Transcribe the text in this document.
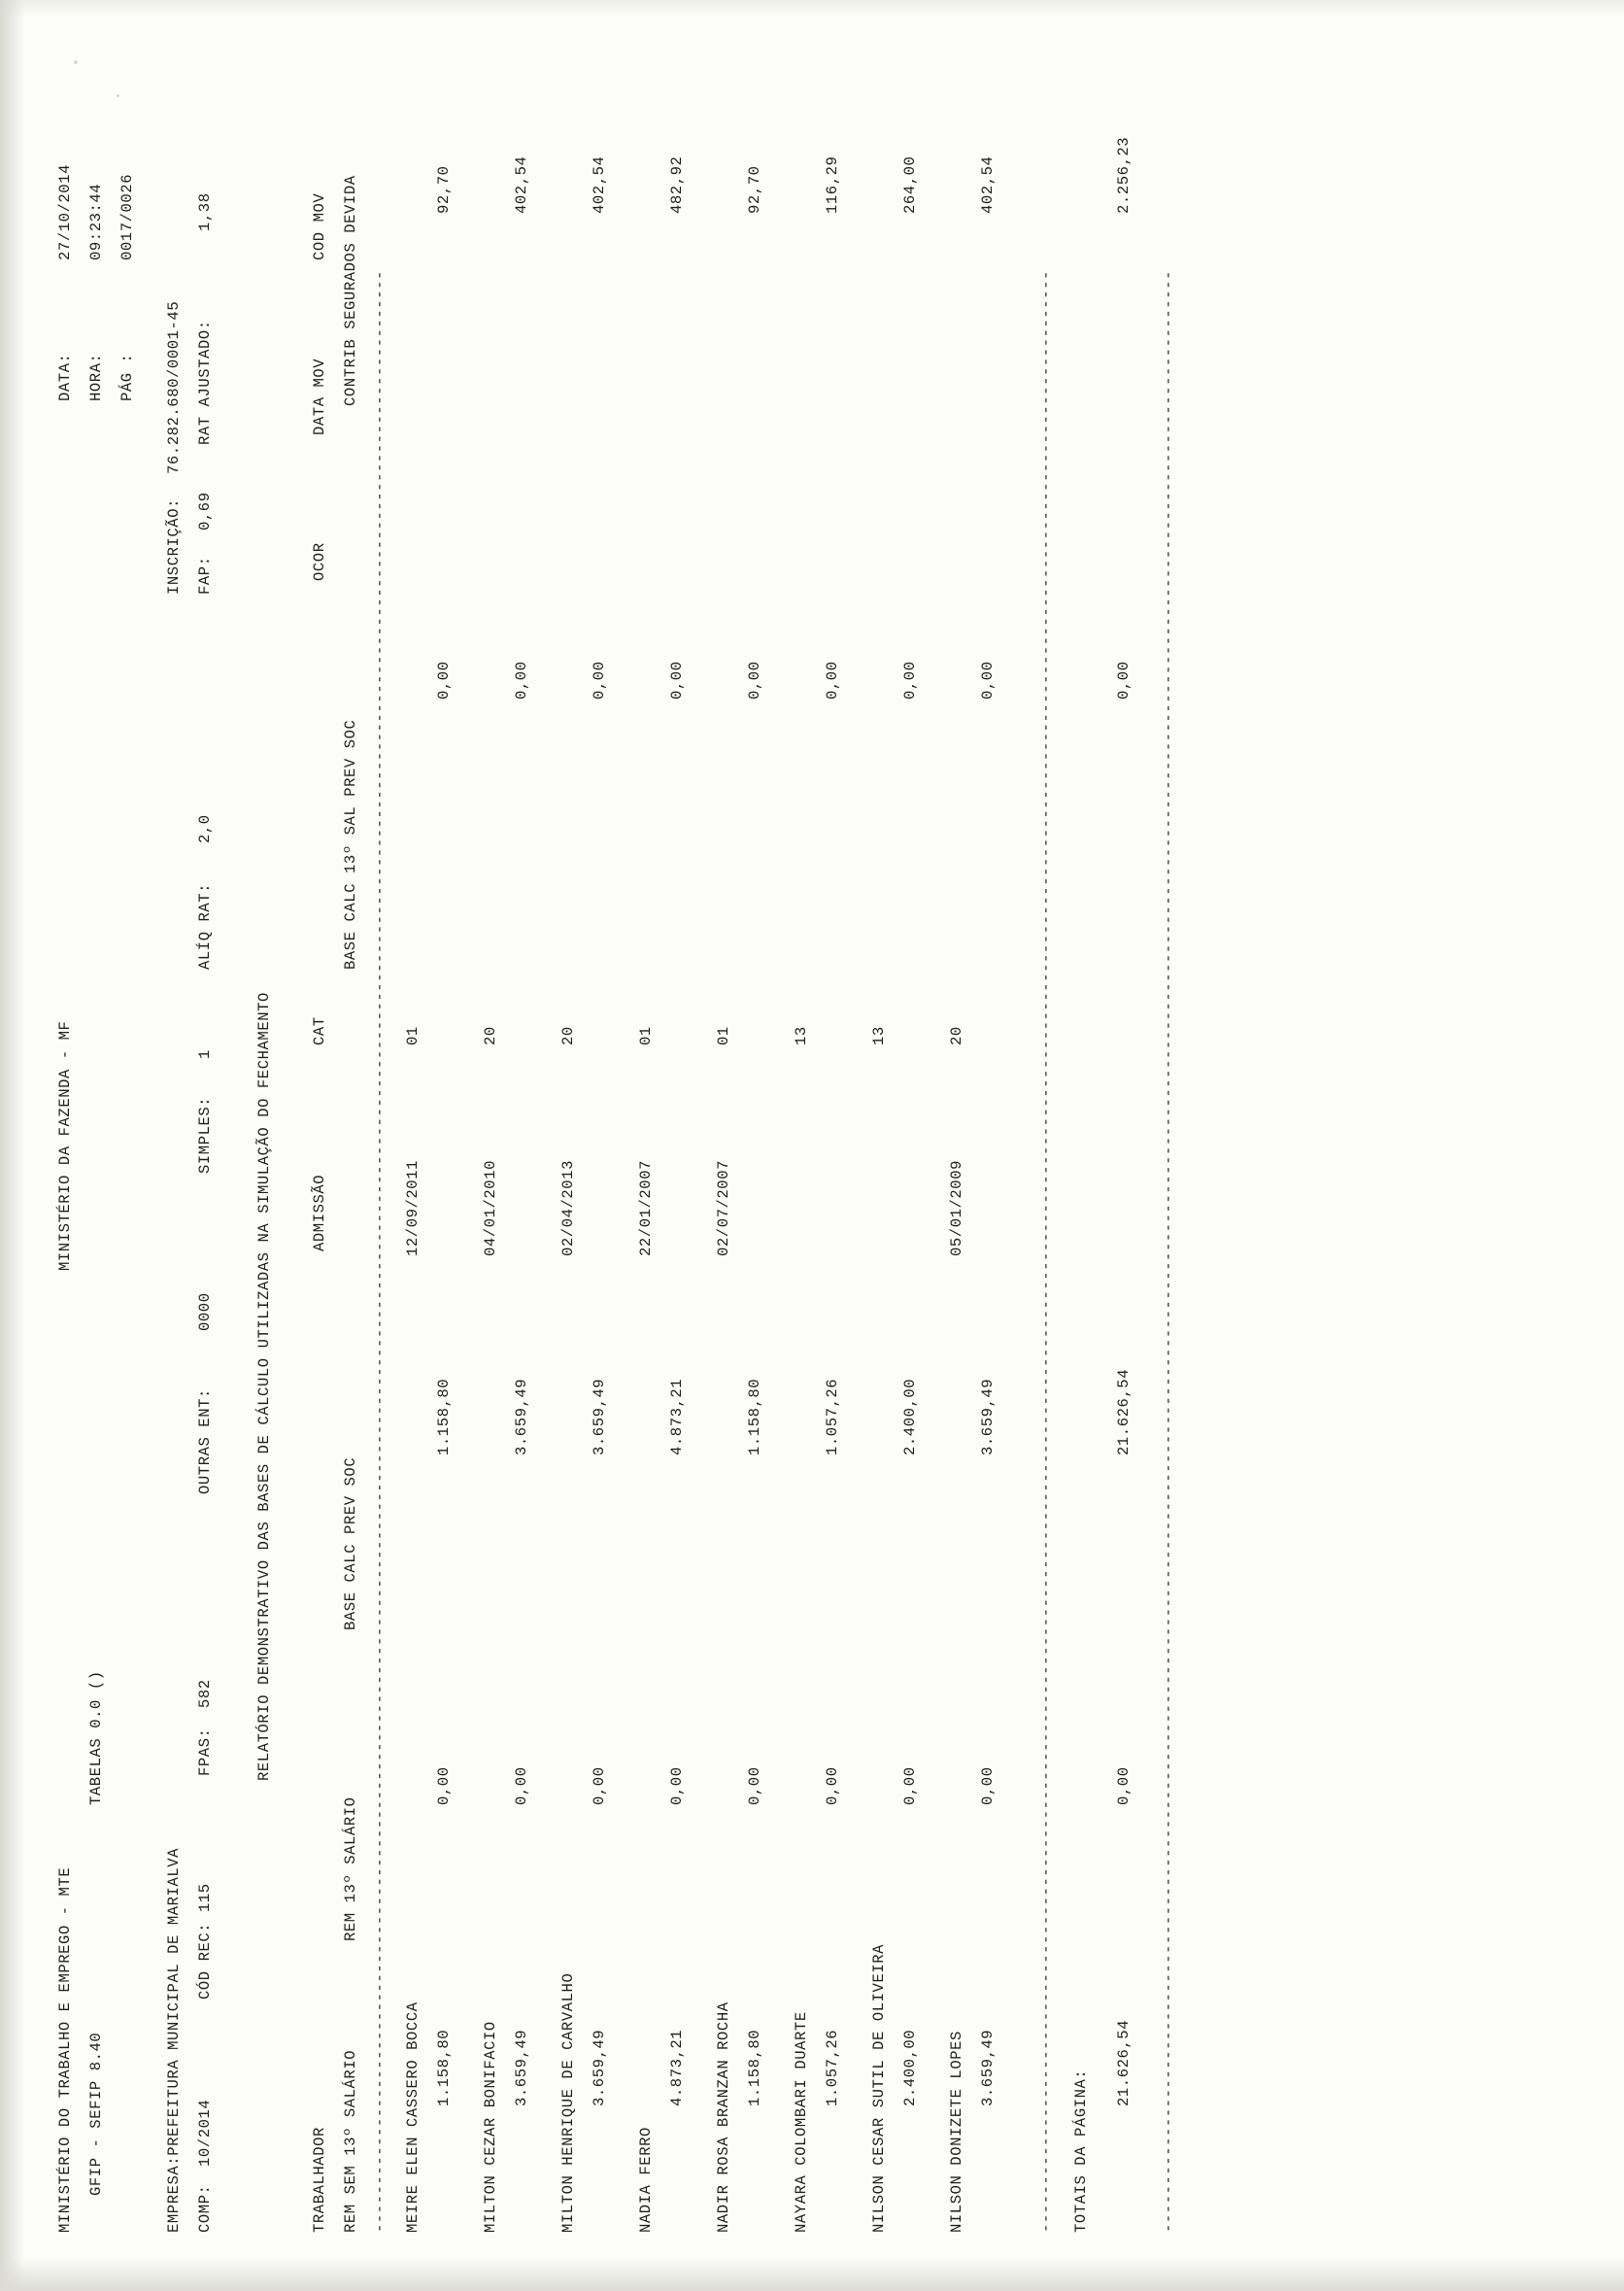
MINISTÉRIO DO TRABALHO E EMPREGO - MTE
MINISTÉRIO DA FAZENDA - MF
DATA:
27/10/2014
GFIP - SEFIP 8.40
TABELAS 0.0 ()
HORA:
09:23:44
PÁG :
0017/0026
EMPRESA:PREFEITURA MUNICIPAL DE MARIALVA
INSCRIÇÃO:
76.282.680/0001-45
COMP:
10/2014
CÓD REC:
115
FPAS:
582
OUTRAS ENT:
0000
SIMPLES:
1
ALÍQ RAT:
2,0
FAP:
0,69
RAT AJUSTADO:
1,38
RELATÓRIO DEMONSTRATIVO DAS BASES DE CÁLCULO UTILIZADAS NA SIMULAÇÃO DO FECHAMENTO
TRABALHADOR
ADMISSÃO
CAT
OCOR
DATA MOV
COD MOV
REM SEM 13º SALÁRIO
REM 13º SALÁRIO
BASE CALC PREV SOC
BASE CALC 13º SAL PREV SOC
CONTRIB SEGURADOS DEVIDA ------------------------------------------------------------------------------------------------------------------------------------------------------------------------------------------------------------ MEIRE ELEN CASSERO BOCCA
12/09/2011
01
1.158,80
0,00
1.158,80
0,00
92,70
MILTON CEZAR BONIFACIO
04/01/2010
20
3.659,49
0,00
3.659,49
0,00
402,54
MILTON HENRIQUE DE CARVALHO
02/04/2013
20
3.659,49
0,00
3.659,49
0,00
402,54
NADIA FERRO
22/01/2007
01
4.873,21
0,00
4.873,21
0,00
482,92
NADIR ROSA BRANZAN ROCHA
02/07/2007
01
1.158,80
0,00
1.158,80
0,00
92,70
NAYARA COLOMBARI DUARTE
13
1.057,26
0,00
1.057,26
0,00
116,29
NILSON CESAR SUTIL DE OLIVEIRA
13
2.400,00
0,00
2.400,00
0,00
264,00
NILSON DONIZETE LOPES
05/01/2009
20
3.659,49
0,00
3.659,49
0,00
402,54
------------------------------------------------------------------------------------------------------------------------------------------------------------------------------------------------------------ TOTAIS DA PÁGINA:
21.626,54
0,00
21.626,54
0,00
2.256,23
------------------------------------------------------------------------------------------------------------------------------------------------------------------------------------------------------------
